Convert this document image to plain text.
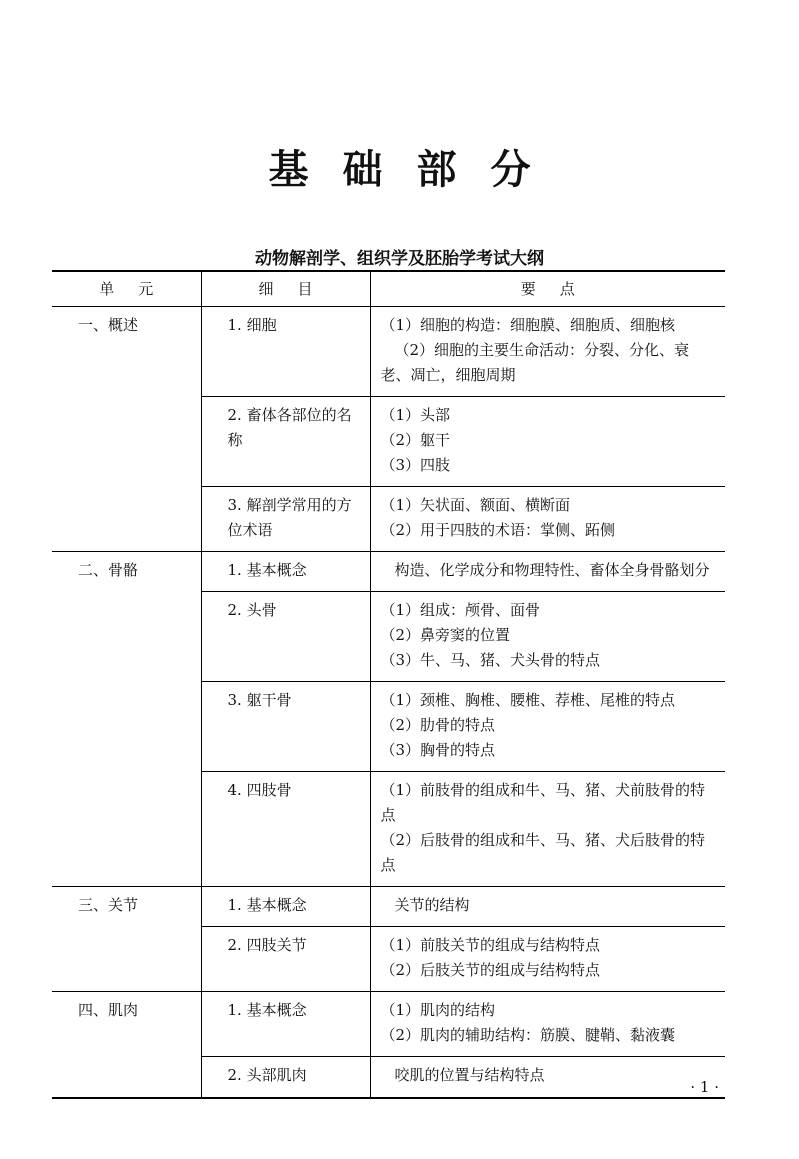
基础部分
动物解剖学、组织学及胚胎学考试大纲
单元	细目	要点
一、概述	1. 细胞	（1）细胞的构造：细胞膜、细胞质、细胞核

（2）细胞的主要生命活动：分裂、分化、衰老、凋亡，细胞周期

	2. 畜体各部位的名称	（1）头部

（2）躯干

（3）四肢

	3. 解剖学常用的方位术语	（1）矢状面、额面、横断面

（2）用于四肢的术语：掌侧、跖侧

二、骨骼	1. 基本概念	构造、化学成分和物理特性、畜体全身骨骼划分

	2. 头骨	（1）组成：颅骨、面骨

（2）鼻旁窦的位置

（3）牛、马、猪、犬头骨的特点

	3. 躯干骨	（1）颈椎、胸椎、腰椎、荐椎、尾椎的特点

（2）肋骨的特点

（3）胸骨的特点

	4. 四肢骨	（1）前肢骨的组成和牛、马、猪、犬前肢骨的特点

（2）后肢骨的组成和牛、马、猪、犬后肢骨的特点

三、关节	1. 基本概念	关节的结构

	2. 四肢关节	（1）前肢关节的组成与结构特点

（2）后肢关节的组成与结构特点

四、肌肉	1. 基本概念	（1）肌肉的结构

（2）肌肉的辅助结构：筋膜、腱鞘、黏液囊

	2. 头部肌肉	咬肌的位置与结构特点

· 1 ·
